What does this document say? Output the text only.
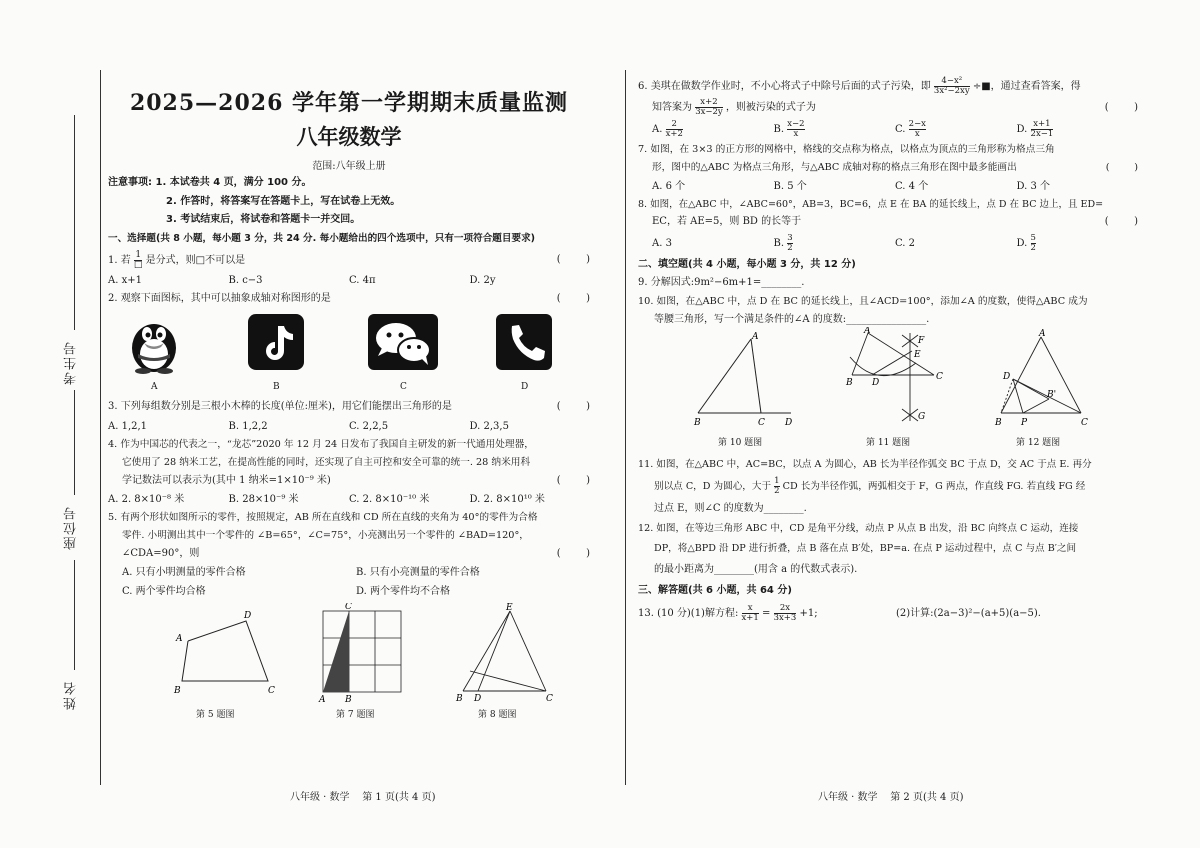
考生号
座位号
姓名
2025—2026 学年第一学期期末质量监测
八年级数学
范围:八年级上册
注意事项: 1. 本试卷共 4 页，满分 100 分。
2. 作答时，将答案写在答题卡上，写在试卷上无效。
3. 考试结束后，将试卷和答题卡一并交回。
一、选择题(共 8 小题，每小题 3 分，共 24 分. 每小题给出的四个选项中，只有一项符合题目要求)
1. 若 1
□ 是分式，则□不可以是	(        )
A. x+1	B. c−3	C. 4π	D. 2y
2. 观察下面图标，其中可以抽象成轴对称图形的是	(        )
A	B	C	D
3. 下列每组数分别是三根小木棒的长度(单位:厘米)，用它们能摆出三角形的是	(        )
A. 1,2,1	B. 1,2,2	C. 2,2,5	D. 2,3,5
4. 作为中国芯的代表之一，“龙芯”2020 年 12 月 24 日发布了我国自主研发的新一代通用处理器，
它使用了 28 纳米工艺，在提高性能的同时，还实现了自主可控和安全可靠的统一. 28 纳米用科
学记数法可以表示为(其中 1 纳米=1×10⁻⁹ 米)	(        )
A. 2. 8×10⁻⁸ 米	B. 28×10⁻⁹ 米	C. 2. 8×10⁻¹⁰ 米	D. 2. 8×10¹⁰ 米
5. 有两个形状如图所示的零件，按照规定，AB 所在直线和 CD 所在直线的夹角为 40°的零件为合格
零件. 小明测出其中一个零件的 ∠B=65°，∠C=75°，小亮测出另一个零件的 ∠BAD=120°，
∠CDA=90°，则	(        )
A. 只有小明测量的零件合格	B. 只有小亮测量的零件合格
C. 两个零件均合格	D. 两个零件均不合格
A
D
B	C
C
A B
E
B D	C
第 5 题图	第 7 题图	第 8 题图
八年级 · 数学    第 1 页(共 4 页)
6. 美琪在做数学作业时，不小心将式子中除号后面的式子污染，即 $\frac{\text{4−x²}}{\text{3x²−2xy}}$ ÷■，通过查看答案，得
知答案为 $\frac{x+2}{3x-2y}$ ，则被污染的式子为	(        )
A. $\frac{2}{x+2}$	B. $\frac{x-2}{x}$	C. $\frac{2-x}{x}$	D. $\frac{x+1}{2x-1}$
7. 如图，在 3×3 的正方形的网格中，格线的交点称为格点，以格点为顶点的三角形称为格点三角
形，图中的△ABC 为格点三角形，与△ABC 成轴对称的格点三角形在图中最多能画出	(        )
A. 6 个	B. 5 个	C. 4 个	D. 3 个
8. 如图，在△ABC 中，∠ABC=60°，AB=3，BC=6，点 E 在 BA 的延长线上，点 D 在 BC 边上，且 ED=
EC，若 AE=5，则 BD 的长等于	(        )
A. 3	B. $\frac{3}{2}$	C. 2	D. $\frac{5}{2}$
二、填空题(共 4 小题，每小题 3 分，共 12 分)
9. 分解因式:9m²−6m+1=________.
10. 如图，在△ABC 中，点 D 在 BC 的延长线上，且∠ACD=100°，添加∠A 的度数，使得△ABC 成为
等腰三角形，写一个满足条件的∠A 的度数:________________.
A
B	C D
A
F
E
B D
C
G
A
D
B'
B P	C
第 10 题图	第 11 题图	第 12 题图
11. 如图，在△ABC 中，AC=BC，以点 A 为圆心，AB 长为半径作弧交 BC 于点 D，交 AC 于点 E. 再分
别以点 C，D 为圆心，大于 $\frac{1}{2}$ CD 长为半径作弧，两弧相交于 F，G 两点，作直线 FG. 若直线 FG 经
过点 E，则∠C 的度数为________.
12. 如图，在等边三角形 ABC 中，CD 是角平分线，动点 P 从点 B 出发，沿 BC 向终点 C 运动，连接
DP，将△BPD 沿 DP 进行折叠，点 B 落在点 B′处，BP=a. 在点 P 运动过程中，点 C 与点 B′之间
的最小距离为________(用含 a 的代数式表示).
三、解答题(共 6 小题，共 64 分)
13. (10 分)(1)解方程: $\frac{x}{x+1} = \frac{2x}{3x+3} +1$;	(2)计算:(2a−3)²−(a+5)(a−5).
八年级 · 数学    第 2 页(共 4 页)
